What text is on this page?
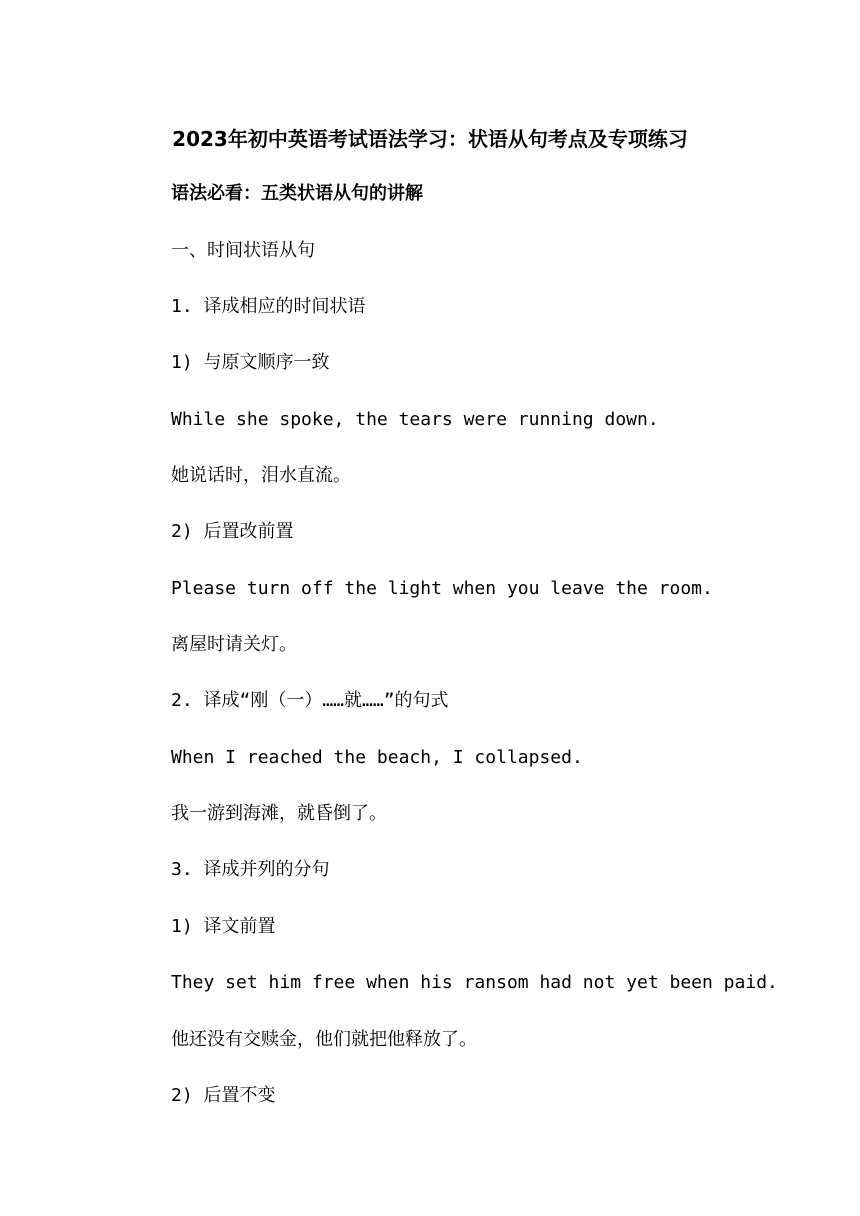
2023年初中英语考试语法学习：状语从句考点及专项练习
语法必看：五类状语从句的讲解
一、时间状语从句
1. 译成相应的时间状语
1) 与原文顺序一致
While she spoke, the tears were running down.
她说话时，泪水直流。
2) 后置改前置
Please turn off the light when you leave the room.
离屋时请关灯。
2. 译成“刚（一）……就……”的句式
When I reached the beach, I collapsed.
我一游到海滩，就昏倒了。
3. 译成并列的分句
1) 译文前置
They set him free when his ransom had not yet been paid.
他还没有交赎金，他们就把他释放了。
2) 后置不变
